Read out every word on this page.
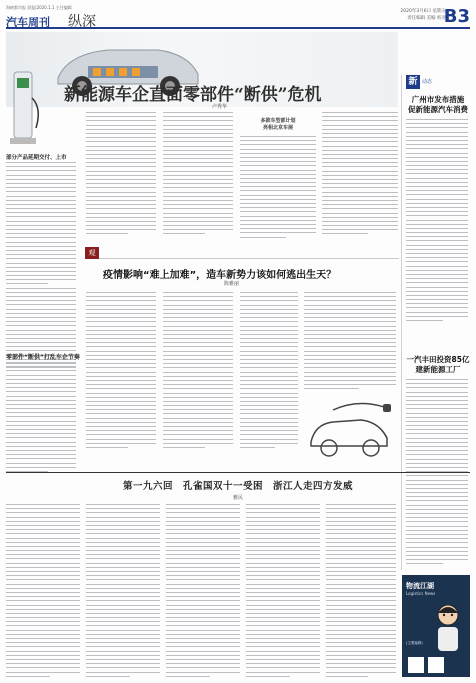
海峡都市报 晨报|2020.1.1 主任编辑
汽车周刊 纵深
2020年3月6日 星期五
责任编辑 美编 校对
B3
新能源车企直面零部件“断供”危机
卢秀华
部分产品延期交付、上市
零部件“断供”打乱车企节奏
多款车型部计划
亮相北京车展
观
疫情影响“难上加难”，造车新势力该如何逃出生天？
陈雅丽
新 动态
广州市发布措施
促新能源汽车消费
一汽丰田投资85亿
建新能源工厂
第一九六回　孔雀国双十一受困　浙江人走四方发威
雅民
物流江湖
Logistics News
(主要编辑)
